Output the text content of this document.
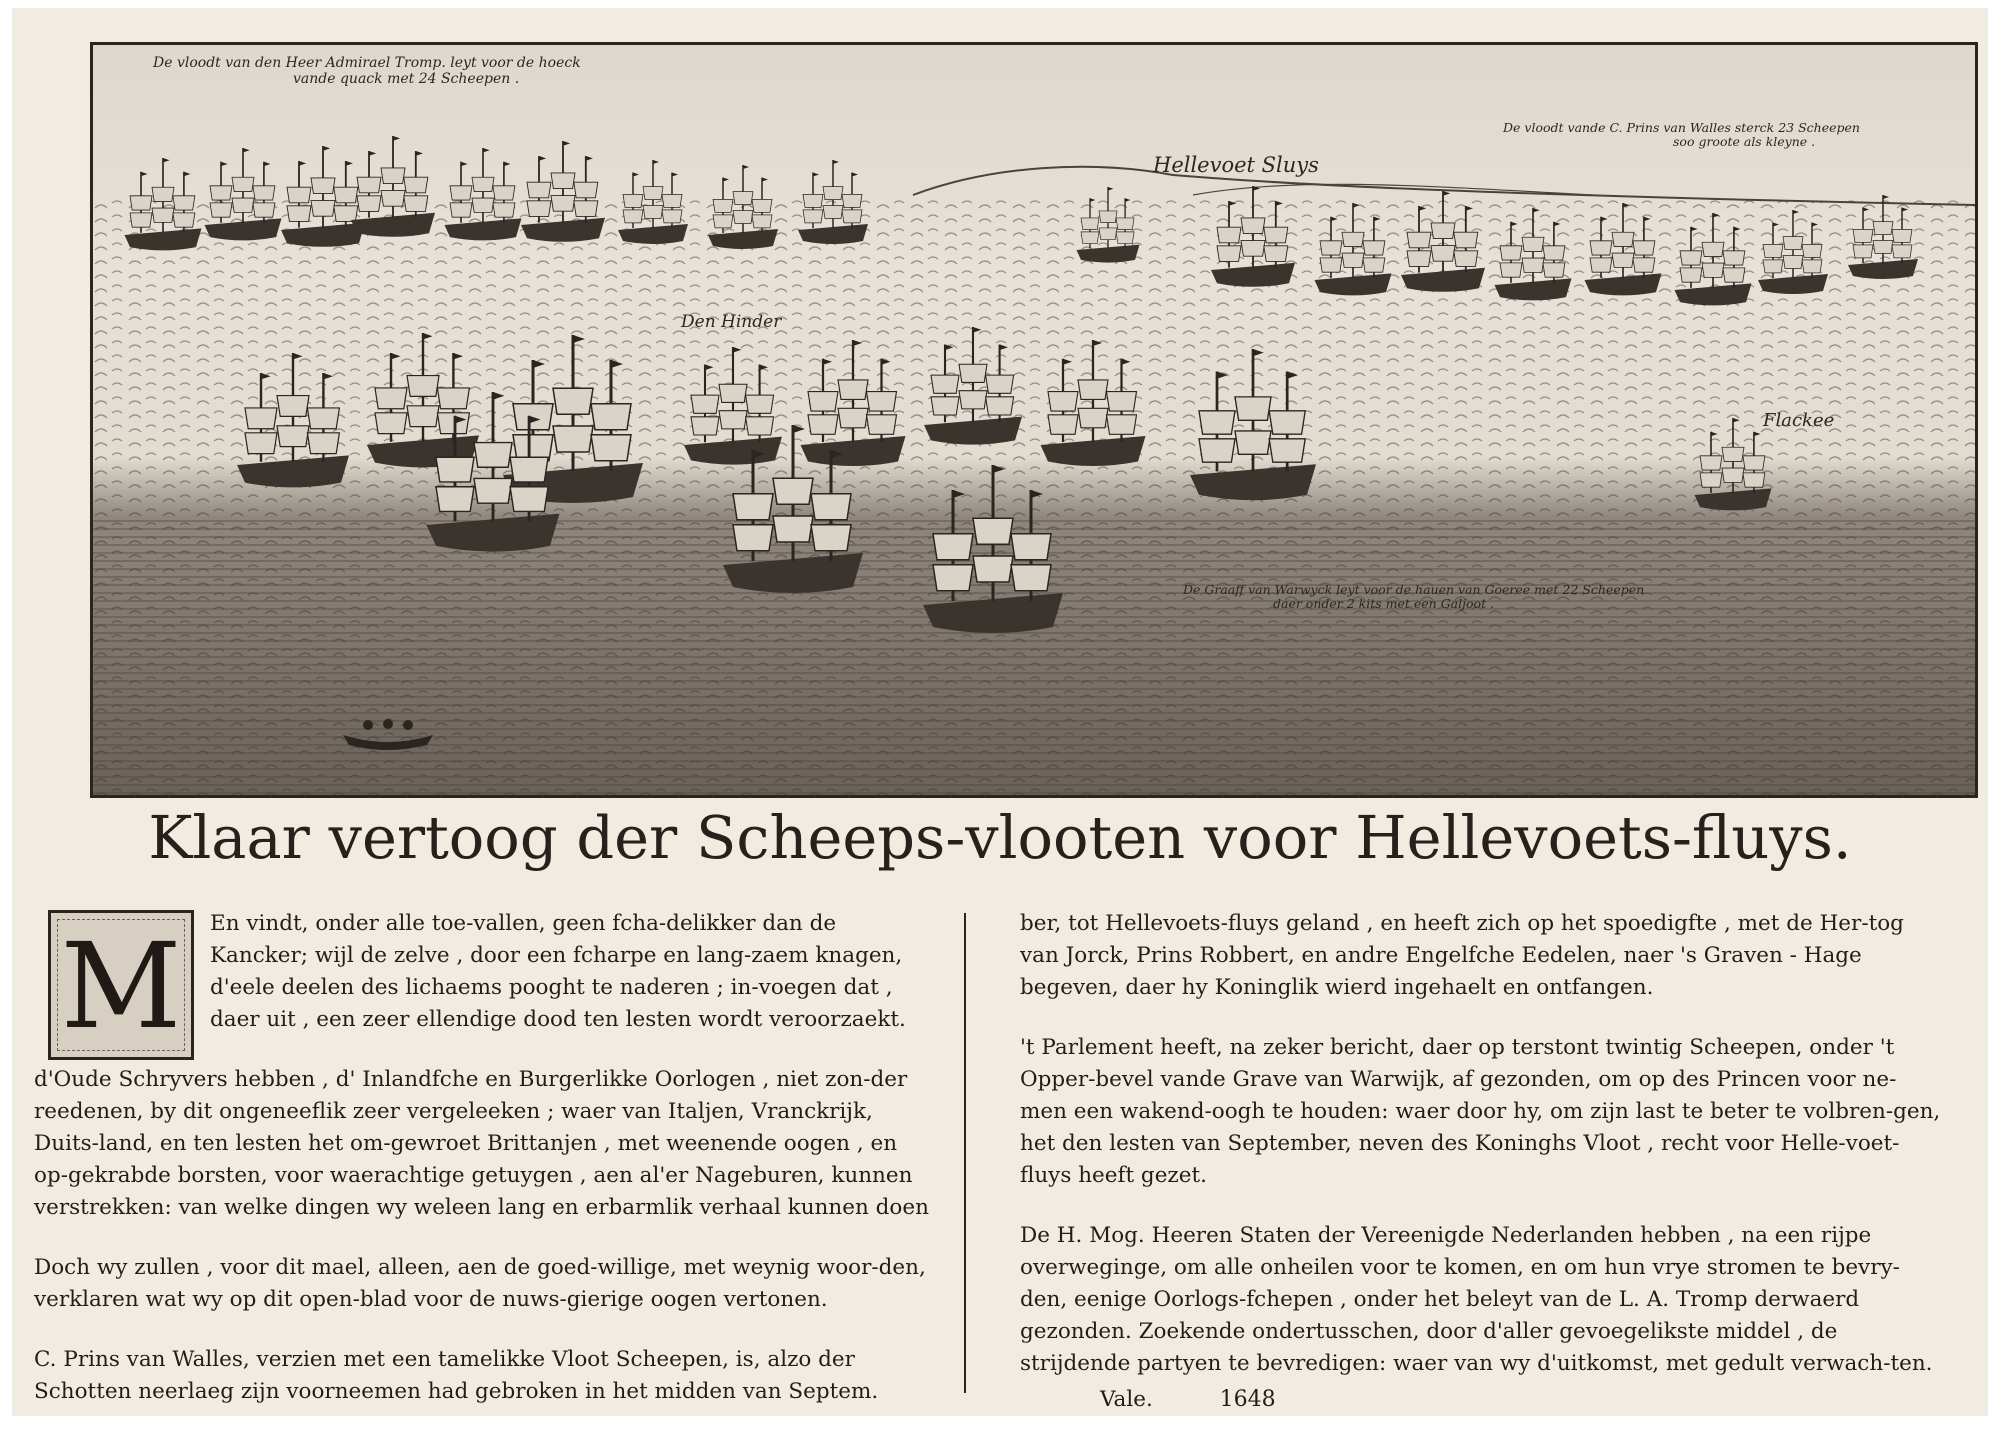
De vloodt van den Heer Admirael Tromp. leyt voor de hoeck
vande quack met 24 Scheepen .
Hellevoet Sluys
De vloodt vande C. Prins van Walles sterck 23 Scheepen
soo groote als kleyne .
Den Hinder
Flackee
De Graaff van Warwyck leyt voor de hauen van Goeree met 22 Scheepen
daer onder 2 kits met een Galjoot .
Klaar vertoog der Scheeps-vlooten voor Hellevoets-fluys.
M	En vindt, onder alle toe-vallen, geen fcha-delikker dan de Kancker; wijl de zelve , door een fcharpe en lang-zaem knagen, d'eele deelen des lichaems pooght te naderen ; in-voegen dat , daer uit , een zeer ellendige dood ten lesten wordt veroorzaekt.

d'Oude Schryvers hebben , d' Inlandfche en Burgerlikke Oorlogen , niet zon-der reedenen, by dit ongeneeflik zeer vergeleeken ; waer van Italjen, Vranckrijk, Duits-land, en ten lesten het om-gewroet Brittanjen , met weenende oogen , en op-gekrabde borsten, voor waerachtige getuygen , aen al'er Nageburen, kunnen verstrekken: van welke dingen wy weleen lang en erbarmlik verhaal kunnen doen

Doch wy zullen , voor dit mael, alleen, aen de goed-willige, met weynig woor-den, verklaren wat wy op dit open-blad voor de nuws-gierige oogen vertonen.

C. Prins van Walles, verzien met een tamelikke Vloot Scheepen, is, alzo der Schotten neerlaeg zijn voorneemen had gebroken in het midden van Septem.

ber, tot Hellevoets-fluys geland , en heeft zich op het spoedigfte , met de Her-tog van Jorck, Prins Robbert, en andre Engelfche Eedelen, naer 's Graven - Hage begeven, daer hy Koninglik wierd ingehaelt en ontfangen.

't Parlement heeft, na zeker bericht, daer op terstont twintig Scheepen, onder 't Opper-bevel vande Grave van Warwijk, af gezonden, om op des Princen voor ne-men een wakend-oogh te houden: waer door hy, om zijn last te beter te volbren-gen, het den lesten van September, neven des Koninghs Vloot , recht voor Helle-voet-fluys heeft gezet.

De H. Mog. Heeren Staten der Vereenigde Nederlanden hebben , na een rijpe overweginge, om alle onheilen voor te komen, en om hun vrye stromen te bevry-den, eenige Oorlogs-fchepen , onder het beleyt van de L. A. Tromp derwaerd gezonden. Zoekende ondertusschen, door d'aller gevoegelikste middel , de strijdende partyen te bevredigen: waer van wy d'uitkomst, met gedult verwach-ten.

Vale.	1648
